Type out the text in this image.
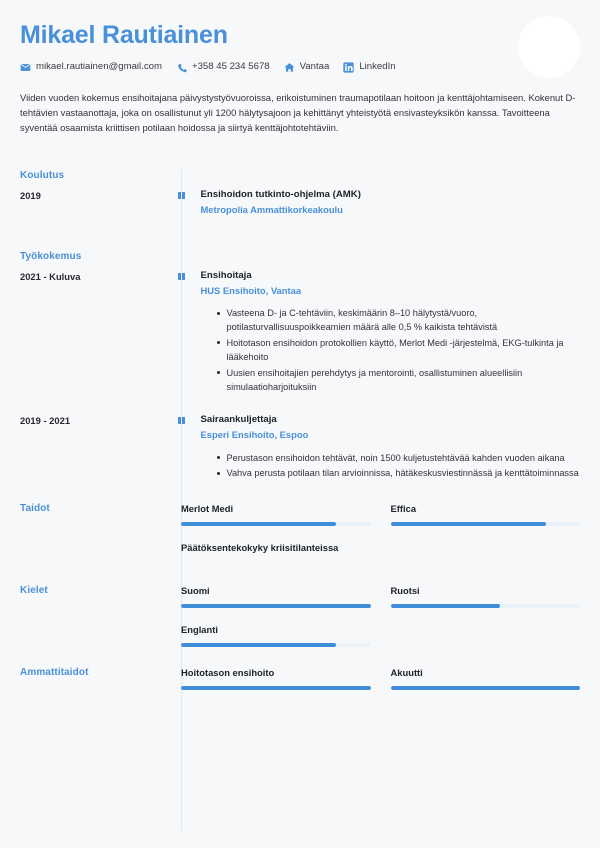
Mikael Rautiainen
mikael.rautiainen@gmail.com	+358 45 234 5678	Vantaa	LinkedIn

Viiden vuoden kokemus ensihoitajana päivystystyövuoroissa, erikoistuminen traumapotilaan hoitoon ja kenttäjohtamiseen. Kokenut D-tehtävien vastaanottaja, joka on osallistunut yli 1200 hälytysajoon ja kehittänyt yhteistyötä ensivasteyksikön kanssa. Tavoitteena syventää osaamista kriittisen potilaan hoidossa ja siirtyä kenttäjohtotehtäviin.

Koulutus
2019	Ensihoidon tutkinto-ohjelma (AMK)
Metropolia Ammattikorkeakoulu
Työkokemus
2021 - Kuluva	Ensihoitaja
HUS Ensihoito, Vantaa
Vasteena D- ja C-tehtäviin, keskimäärin 8–10 hälytystä/vuoro, potilasturvallisuuspoikkeamien määrä alle 0,5 % kaikista tehtävistä
Hoitotason ensihoidon protokollien käyttö, Merlot Medi -järjestelmä, EKG-tulkinta ja lääkehoito
Uusien ensihoitajien perehdytys ja mentorointi, osallistuminen alueellisiin simulaatioharjoituksiin
2019 - 2021	Sairaankuljettaja
Esperi Ensihoito, Espoo
Perustason ensihoidon tehtävät, noin 1500 kuljetustehtävää kahden vuoden aikana
Vahva perusta potilaan tilan arvioinnissa, hätäkeskusviestinnässä ja kenttätoiminnassa
Taidot	Merlot Medi	Effica
Päätöksentekokyky kriisitilanteissa
Kielet	Suomi	Ruotsi
Englanti
Ammattitaidot	Hoitotason ensihoito	Akuutti
